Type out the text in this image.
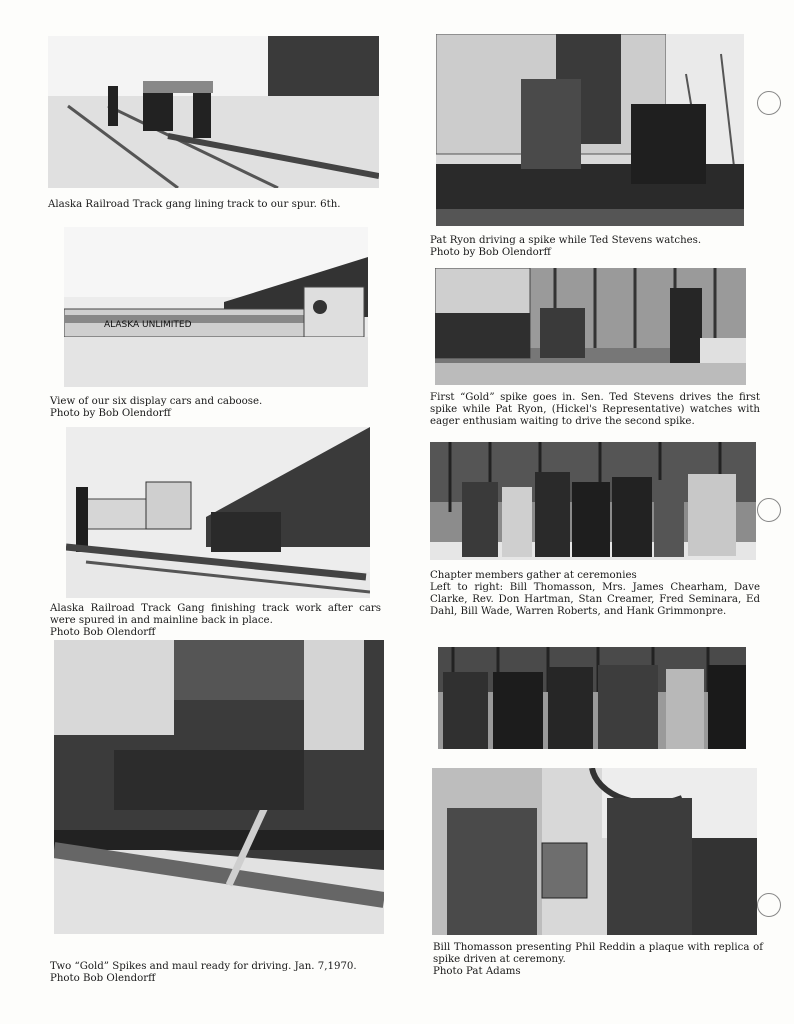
Alaska Railroad Track gang lining track to our spur. 6th.
ALASKA UNLIMITED
View of our six display cars and caboose.
Photo by Bob Olendorff
Alaska Railroad Track Gang finishing track work after cars were spured in and mainline back in place.
Photo Bob Olendorff
Two “Gold” Spikes and maul ready for driving. Jan. 7,1970.
Photo Bob Olendorff
Pat Ryon driving a spike while Ted Stevens watches.
Photo by Bob Olendorff
First “Gold” spike goes in. Sen. Ted Stevens drives the first spike while Pat Ryon, (Hickel's Representative) watches with eager enthusiam waiting to drive the second spike.
Chapter members gather at ceremonies
Left to right: Bill Thomasson, Mrs. James Chearham, Dave Clarke, Rev. Don Hartman, Stan Creamer, Fred Seminara, Ed Dahl, Bill Wade, Warren Roberts, and Hank Grimmonpre.
Bill Thomasson presenting Phil Reddin a plaque with replica of spike driven at ceremony.
Photo Pat Adams
